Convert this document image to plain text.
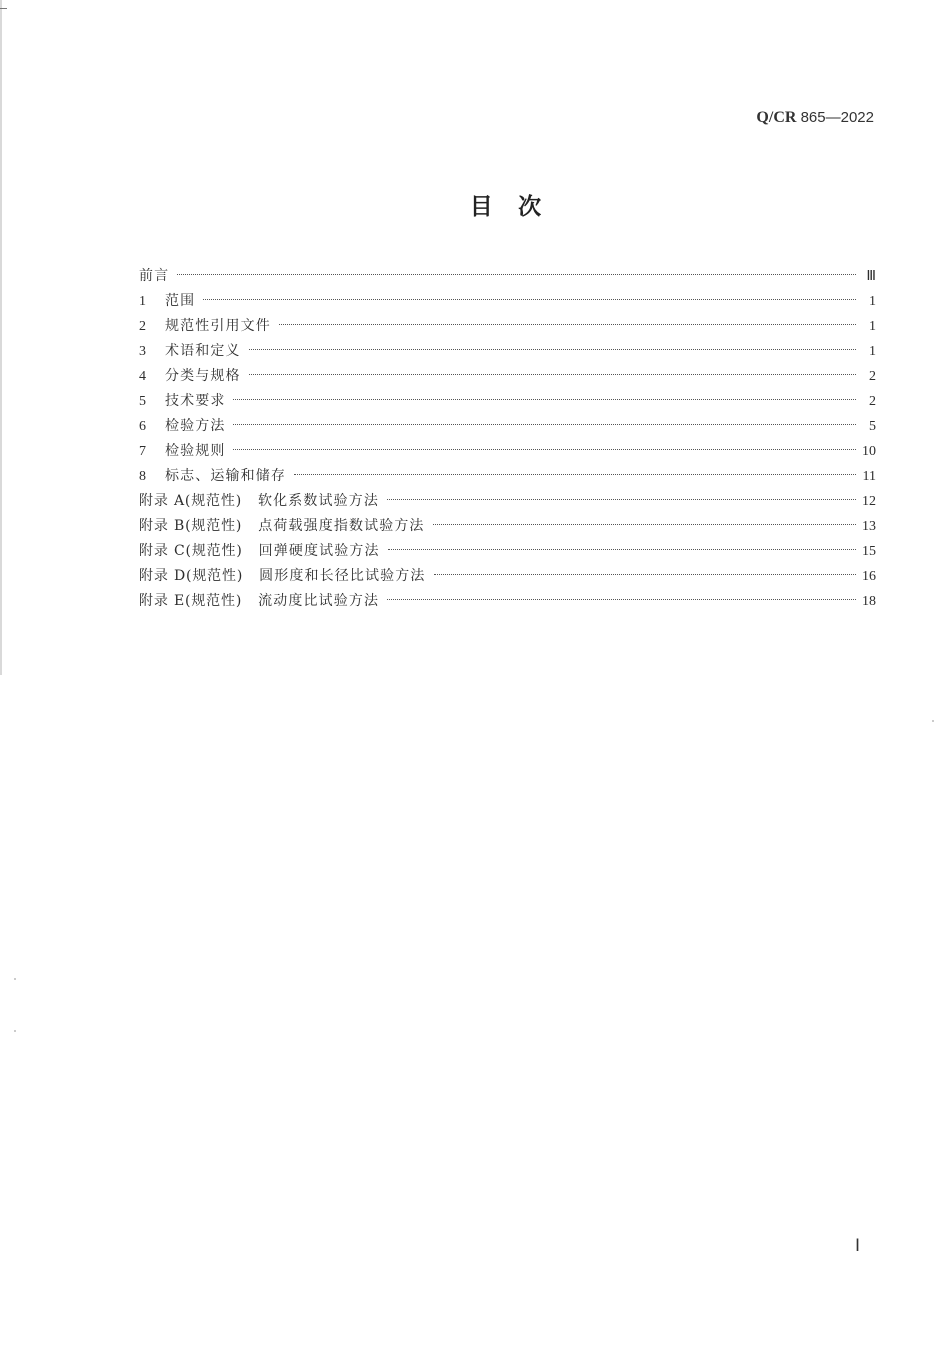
Q/CR 865—2022
目　次
前言	Ⅲ
1	范围	1
2	规范性引用文件	1
3	术语和定义	1
4	分类与规格	2
5	技术要求	2
6	检验方法	5
7	检验规则	10
8	标志、运输和储存	11
附录 A(规范性) 软化系数试验方法	12
附录 B(规范性) 点荷载强度指数试验方法	13
附录 C(规范性) 回弹硬度试验方法	15
附录 D(规范性) 圆形度和长径比试验方法	16
附录 E(规范性) 流动度比试验方法	18
Ⅰ
